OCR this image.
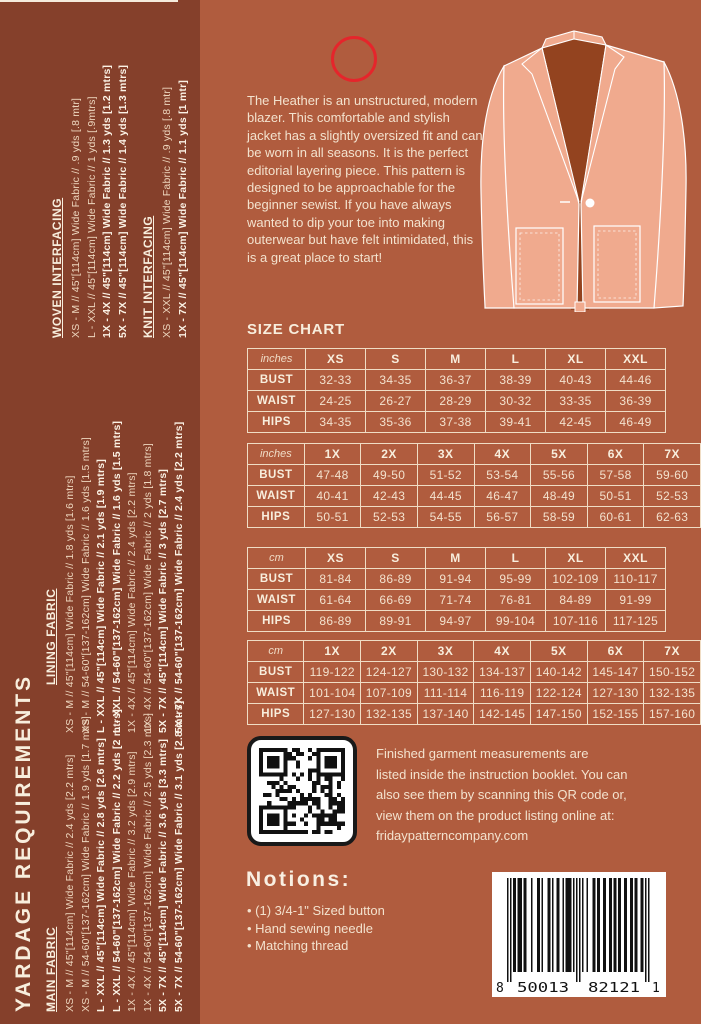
YARDAGE REQUIREMENTS MAIN FABRIC XS - M // 45"[114cm] Wide Fabric // 2.4 yds [2.2 mtrs] XS - M // 54-60"[137-162cm] Wide Fabric // 1.9 yds [1.7 mtrs] L - XXL // 45"[114cm] Wide Fabric // 2.8 yds [2.6 mtrs] L - XXL // 54-60"[137-162cm] Wide Fabric // 2.2 yds [2 mtrs] 1X - 4X // 45"[114cm] Wide Fabric // 3.2 yds [2.9 mtrs] 1X - 4X // 54-60"[137-162cm] Wide Fabric // 2.5 yds [2.3 mtrs] 5X - 7X // 45"[114cm] Wide Fabric // 3.6 yds [3.3 mtrs] 5X - 7X // 54-60"[137-162cm] Wide Fabric // 3.1 yds [2.8 mtrs]
LINING FABRIC XS - M // 45"[114cm] Wide Fabric // 1.8 yds [1.6 mtrs] XS - M // 54-60"[137-162cm] Wide Fabric // 1.6 yds [1.5 mtrs] L - XXL // 45"[114cm] Wide Fabric // 2.1 yds [1.9 mtrs] L - XXL // 54-60"[137-162cm] Wide Fabric // 1.6 yds [1.5 mtrs] 1X - 4X // 45"[114cm] Wide Fabric // 2.4 yds [2.2 mtrs] 1X - 4X // 54-60"[137-162cm] Wide Fabric // 2 yds [1.8 mtrs] 5X - 7X // 45"[114cm] Wide Fabric // 3 yds [2.7 mtrs] 5X - 7X // 54-60"[137-162cm] Wide Fabric // 2.4 yds [2.2 mtrs]
WOVEN INTERFACING XS - M // 45"[114cm] Wide Fabric // .9 yds [.8 mtr] L - XXL // 45"[114cm] Wide Fabric // 1 yds [.9mtrs] 1X - 4X // 45"[114cm] Wide Fabric // 1.3 yds [1.2 mtrs] 5X - 7X // 45"[114cm] Wide Fabric // 1.4 yds [1.3 mtrs] KNIT INTERFACING XS - XXL // 45"[114cm] Wide Fabric // .9 yds [.8 mtr] 1X - 7X // 45"[114cm] Wide Fabric // 1.1 yds [1 mtr]	The Heather is an unstructured, modern blazer. This comfortable and stylish jacket has a slightly oversized fit and can be worn in all seasons. It is the perfect editorial layering piece. This pattern is designed to be approachable for the beginner sewist. If you have always wanted to dip your toe into making outerwear but have felt intimidated, this is a great place to start!
SIZE CHART
inches	XS	S	M	L	XL	XXL
BUST	32-33	34-35	36-37	38-39	40-43	44-46
WAIST	24-25	26-27	28-29	30-32	33-35	36-39
HIPS	34-35	35-36	37-38	39-41	42-45	46-49
inches	1X	2X	3X	4X	5X	6X	7X
BUST	47-48	49-50	51-52	53-54	55-56	57-58	59-60
WAIST	40-41	42-43	44-45	46-47	48-49	50-51	52-53
HIPS	50-51	52-53	54-55	56-57	58-59	60-61	62-63
cm	XS	S	M	L	XL	XXL
BUST	81-84	86-89	91-94	95-99	102-109	110-117
WAIST	61-64	66-69	71-74	76-81	84-89	91-99
HIPS	86-89	89-91	94-97	99-104	107-116	117-125
cm	1X	2X	3X	4X	5X	6X	7X
BUST	119-122	124-127	130-132	134-137	140-142	145-147	150-152
WAIST	101-104	107-109	111-114	116-119	122-124	127-130	132-135
HIPS	127-130	132-135	137-140	142-145	147-150	152-155	157-160
Finished garment measurements are
listed inside the instruction booklet. You can
also see them by scanning this QR code or,
view them on the product listing online at:
fridaypatterncompany.com
Notions:
• (1) 3/4-1" Sized button
• Hand sewing needle
• Matching thread
8 50013 82121 1
